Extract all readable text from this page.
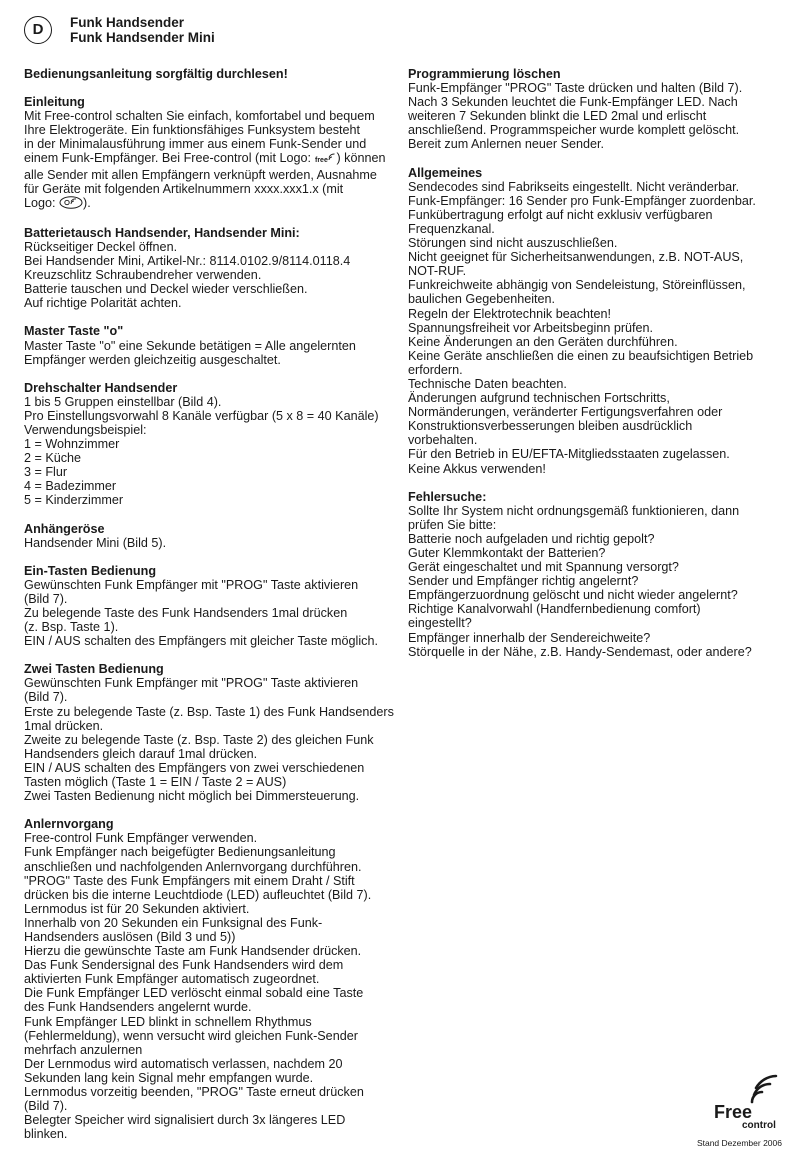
D	Funk Handsender
Funk Handsender Mini
Bedienungsanleitung sorgfältig durchlesen!
Einleitung
Mit Free-control schalten Sie einfach, komfortabel und bequem
Ihre Elektrogeräte. Ein funktionsfähiges Funksystem besteht
in der Minimalausführung immer aus einem Funk-Sender und
einem Funk-Empfänger. Bei Free-control (mit Logo: free ) können
alle Sender mit allen Empfängern verknüpft werden, Ausnahme
für Geräte mit folgenden Artikelnummern xxxx.xxx1.x (mit
Logo: ).
Batterietausch Handsender, Handsender Mini:
Rückseitiger Deckel öffnen.
Bei Handsender Mini, Artikel-Nr.: 8114.0102.9/8114.0118.4
Kreuzschlitz Schraubendreher verwenden.
Batterie tauschen und Deckel wieder verschließen.
Auf richtige Polarität achten.
Master Taste "o"
Master Taste "o" eine Sekunde betätigen = Alle angelernten
Empfänger werden gleichzeitig ausgeschaltet.
Drehschalter Handsender
1 bis 5 Gruppen einstellbar (Bild 4).
Pro Einstellungsvorwahl 8 Kanäle verfügbar (5 x 8 = 40 Kanäle)
Verwendungsbeispiel:
1 = Wohnzimmer
2 = Küche
3 = Flur
4 = Badezimmer
5 = Kinderzimmer
Anhängeröse
Handsender Mini (Bild 5).
Ein-Tasten Bedienung
Gewünschten Funk Empfänger mit "PROG" Taste aktivieren
(Bild 7).
Zu belegende Taste des Funk Handsenders 1mal drücken
(z. Bsp. Taste 1).
EIN / AUS schalten des Empfängers mit gleicher Taste möglich.
Zwei Tasten Bedienung
Gewünschten Funk Empfänger mit "PROG" Taste aktivieren
(Bild 7).
Erste zu belegende Taste (z. Bsp. Taste 1) des Funk Handsenders
1mal drücken.
Zweite zu belegende Taste (z. Bsp. Taste 2) des gleichen Funk
Handsenders gleich darauf 1mal drücken.
EIN / AUS schalten des Empfängers von zwei verschiedenen
Tasten möglich (Taste 1 = EIN / Taste 2 = AUS)
Zwei Tasten Bedienung nicht möglich bei Dimmersteuerung.
Anlernvorgang
Free-control Funk Empfänger verwenden.
Funk Empfänger nach beigefügter Bedienungsanleitung
anschließen und nachfolgenden Anlernvorgang durchführen.
"PROG" Taste des Funk Empfängers mit einem Draht / Stift
drücken bis die interne Leuchtdiode (LED) aufleuchtet (Bild 7).
Lernmodus ist für 20 Sekunden aktiviert.
Innerhalb von 20 Sekunden ein Funksignal des Funk-
Handsenders auslösen (Bild 3 und 5))
Hierzu die gewünschte Taste am Funk Handsender drücken.
Das Funk Sendersignal des Funk Handsenders wird dem
aktivierten Funk Empfänger automatisch zugeordnet.
Die Funk Empfänger LED verlöscht einmal sobald eine Taste
des Funk Handsenders angelernt wurde.
Funk Empfänger LED blinkt in schnellem Rhythmus
(Fehlermeldung), wenn versucht wird gleichen Funk-Sender
mehrfach anzulernen
Der Lernmodus wird automatisch verlassen, nachdem 20
Sekunden lang kein Signal mehr empfangen wurde.
Lernmodus vorzeitig beenden, "PROG" Taste erneut drücken
(Bild 7).
Belegter Speicher wird signalisiert durch 3x längeres LED
blinken.
Programmierung löschen
Funk-Empfänger "PROG" Taste drücken und halten (Bild 7).
Nach 3 Sekunden leuchtet die Funk-Empfänger LED. Nach
weiteren 7 Sekunden blinkt die LED 2mal und erlischt
anschließend. Programmspeicher wurde komplett gelöscht.
Bereit zum Anlernen neuer Sender.
Allgemeines
Sendecodes sind Fabrikseits eingestellt. Nicht veränderbar.
Funk-Empfänger: 16 Sender pro Funk-Empfänger zuordenbar.
Funkübertragung erfolgt auf nicht exklusiv verfügbaren
Frequenzkanal.
Störungen sind nicht auszuschließen.
Nicht geeignet für Sicherheitsanwendungen, z.B. NOT-AUS,
NOT-RUF.
Funkreichweite abhängig von Sendeleistung, Störeinflüssen,
baulichen Gegebenheiten.
Regeln der Elektrotechnik beachten!
Spannungsfreiheit vor Arbeitsbeginn prüfen.
Keine Änderungen an den Geräten durchführen.
Keine Geräte anschließen die einen zu beaufsichtigen Betrieb
erfordern.
Technische Daten beachten.
Änderungen aufgrund technischen Fortschritts,
Normänderungen, veränderter Fertigungsverfahren oder
Konstruktionsverbesserungen bleiben ausdrücklich
vorbehalten.
Für den Betrieb in EU/EFTA-Mitgliedsstaaten zugelassen.
Keine Akkus verwenden!
Fehlersuche:
Sollte Ihr System nicht ordnungsgemäß funktionieren, dann
prüfen Sie bitte:
Batterie noch aufgeladen und richtig gepolt?
Guter Klemmkontakt der Batterien?
Gerät eingeschaltet und mit Spannung versorgt?
Sender und Empfänger richtig angelernt?
Empfängerzuordnung gelöscht und nicht wieder angelernt?
Richtige Kanalvorwahl (Handfernbedienung comfort)
eingestellt?
Empfänger innerhalb der Sendereichweite?
Störquelle in der Nähe, z.B. Handy-Sendemast, oder andere?
Free
control
Stand Dezember 2006
